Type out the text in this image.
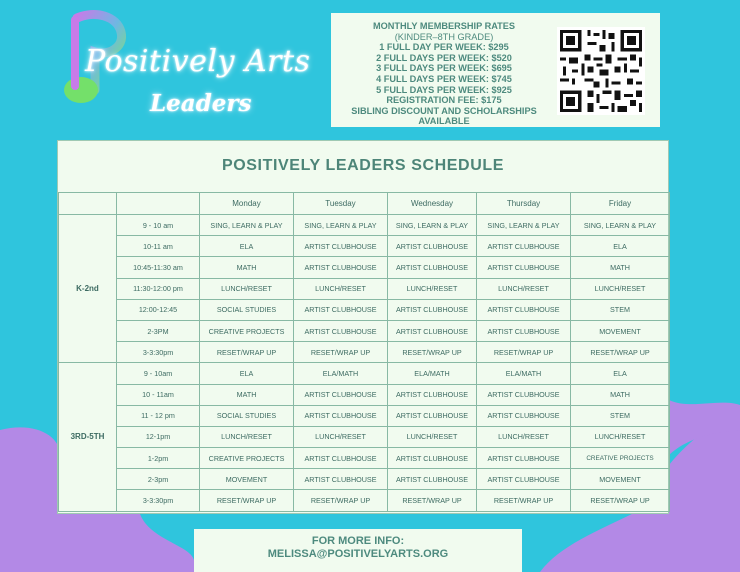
Positively Arts
Leaders
MONTHLY MEMBERSHIP RATES
(KINDER–8TH GRADE)
1 FULL DAY PER WEEK: $295
2 FULL DAYS PER WEEK: $520
3 FULL DAYS PER WEEK: $695
4 FULL DAYS PER WEEK: $745
5 FULL DAYS PER WEEK: $925
REGISTRATION FEE: $175
SIBLING DISCOUNT AND SCHOLARSHIPS
AVAILABLE
POSITIVELY LEADERS SCHEDULE
		Monday	Tuesday	Wednesday	Thursday	Friday
K-2nd	9 - 10 am	SING, LEARN & PLAY	SING, LEARN & PLAY	SING, LEARN & PLAY	SING, LEARN & PLAY	SING, LEARN & PLAY
	10-11 am	ELA	ARTIST CLUBHOUSE	ARTIST CLUBHOUSE	ARTIST CLUBHOUSE	ELA
	10:45-11:30 am	MATH	ARTIST CLUBHOUSE	ARTIST CLUBHOUSE	ARTIST CLUBHOUSE	MATH
	11:30-12:00 pm	LUNCH/RESET	LUNCH/RESET	LUNCH/RESET	LUNCH/RESET	LUNCH/RESET
	12:00-12:45	SOCIAL STUDIES	ARTIST CLUBHOUSE	ARTIST CLUBHOUSE	ARTIST CLUBHOUSE	STEM
	2-3PM	CREATIVE PROJECTS	ARTIST CLUBHOUSE	ARTIST CLUBHOUSE	ARTIST CLUBHOUSE	MOVEMENT
	3-3:30pm	RESET/WRAP UP	RESET/WRAP UP	RESET/WRAP UP	RESET/WRAP UP	RESET/WRAP UP
3RD-5TH	9 - 10am	ELA	ELA/MATH	ELA/MATH	ELA/MATH	ELA
	10 - 11am	MATH	ARTIST CLUBHOUSE	ARTIST CLUBHOUSE	ARTIST CLUBHOUSE	MATH
	11 - 12 pm	SOCIAL STUDIES	ARTIST CLUBHOUSE	ARTIST CLUBHOUSE	ARTIST CLUBHOUSE	STEM
	12-1pm	LUNCH/RESET	LUNCH/RESET	LUNCH/RESET	LUNCH/RESET	LUNCH/RESET
	1-2pm	CREATIVE PROJECTS	ARTIST CLUBHOUSE	ARTIST CLUBHOUSE	ARTIST CLUBHOUSE	CREATIVE PROJECTS
	2-3pm	MOVEMENT	ARTIST CLUBHOUSE	ARTIST CLUBHOUSE	ARTIST CLUBHOUSE	MOVEMENT
	3-3:30pm	RESET/WRAP UP	RESET/WRAP UP	RESET/WRAP UP	RESET/WRAP UP	RESET/WRAP UP
FOR MORE INFO:
MELISSA@POSITIVELYARTS.ORG
